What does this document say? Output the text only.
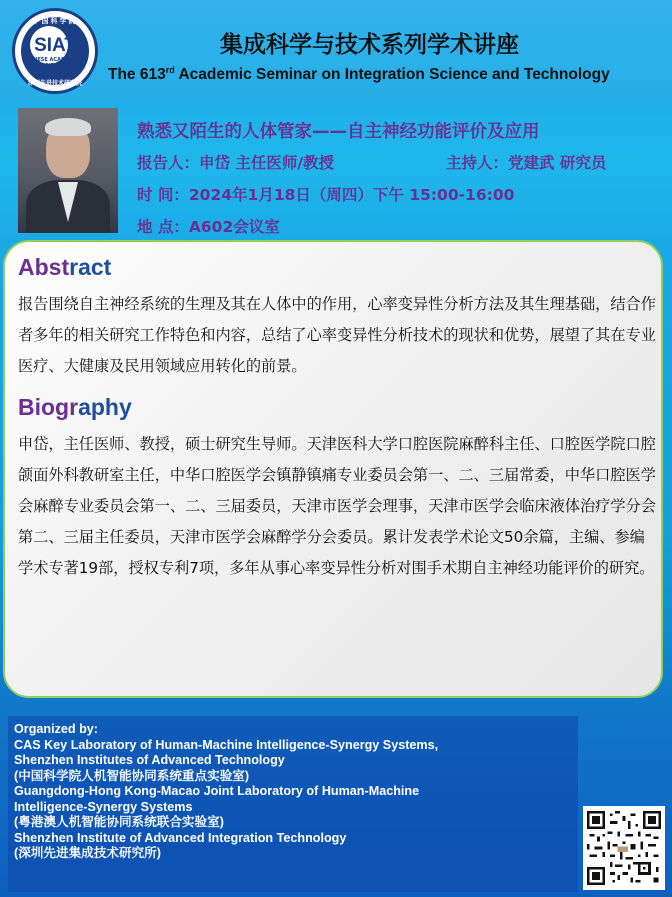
中国科学院
SIAT
CHINESE ACADEMY OF SCIENCES
深圳先进技术研究院
集成科学与技术系列学术讲座
The 613rd Academic Seminar on Integration Science and Technology
熟悉又陌生的人体管家——自主神经功能评价及应用
报告人：申岱 主任医师/教授	主持人：党建武 研究员
时 间：2024年1月18日（周四）下午 15:00-16:00
地 点：A602会议室
Abstract
报告围绕自主神经系统的生理及其在人体中的作用，心率变异性分析方法及其生理基础，结合作者多年的相关研究工作特色和内容，总结了心率变异性分析技术的现状和优势，展望了其在专业医疗、大健康及民用领域应用转化的前景。
Biography
申岱，主任医师、教授，硕士研究生导师。天津医科大学口腔医院麻醉科主任、口腔医学院口腔颌面外科教研室主任，中华口腔医学会镇静镇痛专业委员会第一、二、三届常委，中华口腔医学会麻醉专业委员会第一、二、三届委员，天津市医学会理事，天津市医学会临床液体治疗学分会第二、三届主任委员，天津市医学会麻醉学分会委员。累计发表学术论文50余篇，主编、参编学术专著19部，授权专利7项，多年从事心率变异性分析对围手术期自主神经功能评价的研究。
Organized by:
CAS Key Laboratory of Human-Machine Intelligence-Synergy Systems,
Shenzhen Institutes of Advanced Technology
(中国科学院人机智能协同系统重点实验室)
Guangdong-Hong Kong-Macao Joint Laboratory of Human-Machine
Intelligence-Synergy Systems
(粤港澳人机智能协同系统联合实验室)
Shenzhen Institute of Advanced Integration Technology
(深圳先进集成技术研究所)
